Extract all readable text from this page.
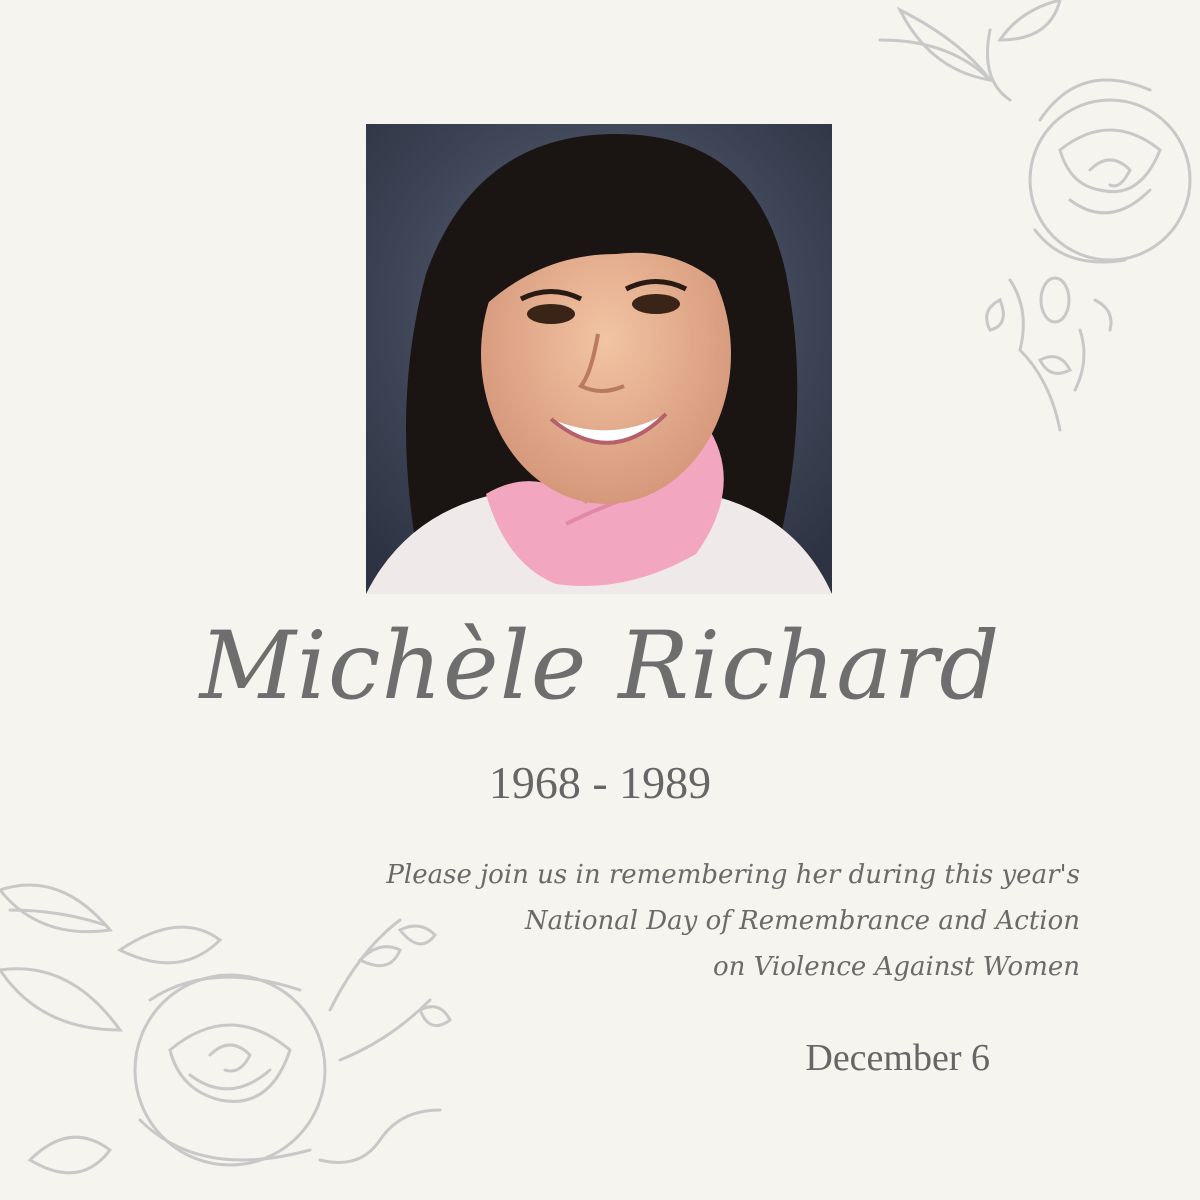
Michèle Richard
1968 - 1989
Please join us in remembering her during this year's
National Day of Remembrance and Action
on Violence Against Women
December 6
